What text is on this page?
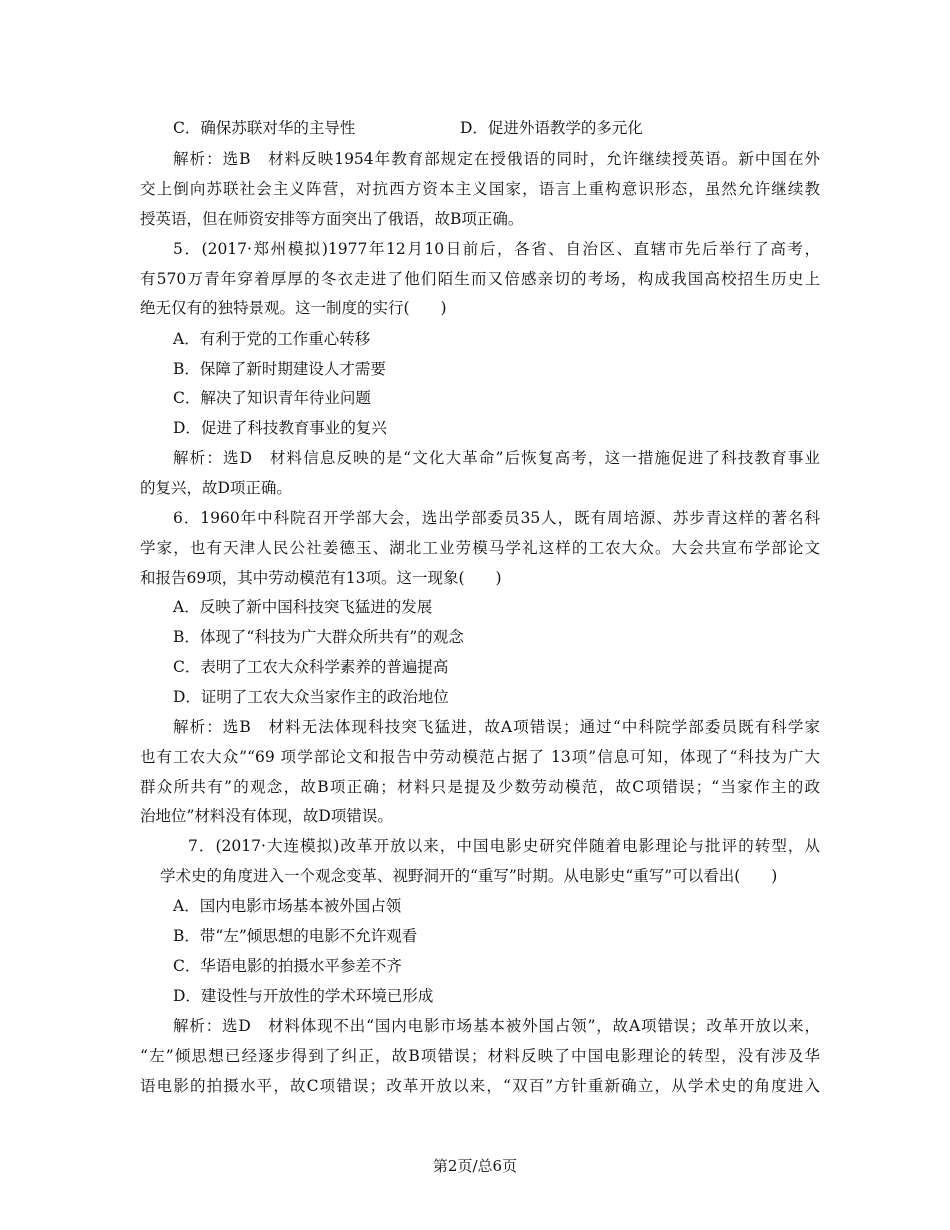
C．确保苏联对华的主导性	D．促进外语教学的多元化
解析：选B　材料反映1954年教育部规定在授俄语的同时，允许继续授英语。新中国在外
交上倒向苏联社会主义阵营，对抗西方资本主义国家，语言上重构意识形态，虽然允许继续教
授英语，但在师资安排等方面突出了俄语，故B项正确。
5．(2017·郑州模拟)1977年12月10日前后，各省、自治区、直辖市先后举行了高考，
有570万青年穿着厚厚的冬衣走进了他们陌生而又倍感亲切的考场，构成我国高校招生历史上
绝无仅有的独特景观。这一制度的实行(　　)
A．有利于党的工作重心转移
B．保障了新时期建设人才需要
C．解决了知识青年待业问题
D．促进了科技教育事业的复兴
解析：选D　材料信息反映的是“文化大革命”后恢复高考，这一措施促进了科技教育事业
的复兴，故D项正确。
6．1960年中科院召开学部大会，选出学部委员35人，既有周培源、苏步青这样的著名科
学家，也有天津人民公社姜德玉、湖北工业劳模马学礼这样的工农大众。大会共宣布学部论文
和报告69项，其中劳动模范有13项。这一现象(　　)
A．反映了新中国科技突飞猛进的发展
B．体现了“科技为广大群众所共有”的观念
C．表明了工农大众科学素养的普遍提高
D．证明了工农大众当家作主的政治地位
解析：选B　材料无法体现科技突飞猛进，故A项错误；通过“中科院学部委员既有科学家
也有工农大众”“69 项学部论文和报告中劳动模范占据了 13项”信息可知，体现了“科技为广大
群众所共有”的观念，故B项正确；材料只是提及少数劳动模范，故C项错误；“当家作主的政
治地位”材料没有体现，故D项错误。
7．(2017·大连模拟)改革开放以来，中国电影史研究伴随着电影理论与批评的转型，从
学术史的角度进入一个观念变革、视野洞开的“重写”时期。从电影史“重写”可以看出(　　)
A．国内电影市场基本被外国占领
B．带“左”倾思想的电影不允许观看
C．华语电影的拍摄水平参差不齐
D．建设性与开放性的学术环境已形成
解析：选D　材料体现不出“国内电影市场基本被外国占领”，故A项错误；改革开放以来，
“左”倾思想已经逐步得到了纠正，故B项错误；材料反映了中国电影理论的转型，没有涉及华
语电影的拍摄水平，故C项错误；改革开放以来，“双百”方针重新确立，从学术史的角度进入
第2页/总6页
